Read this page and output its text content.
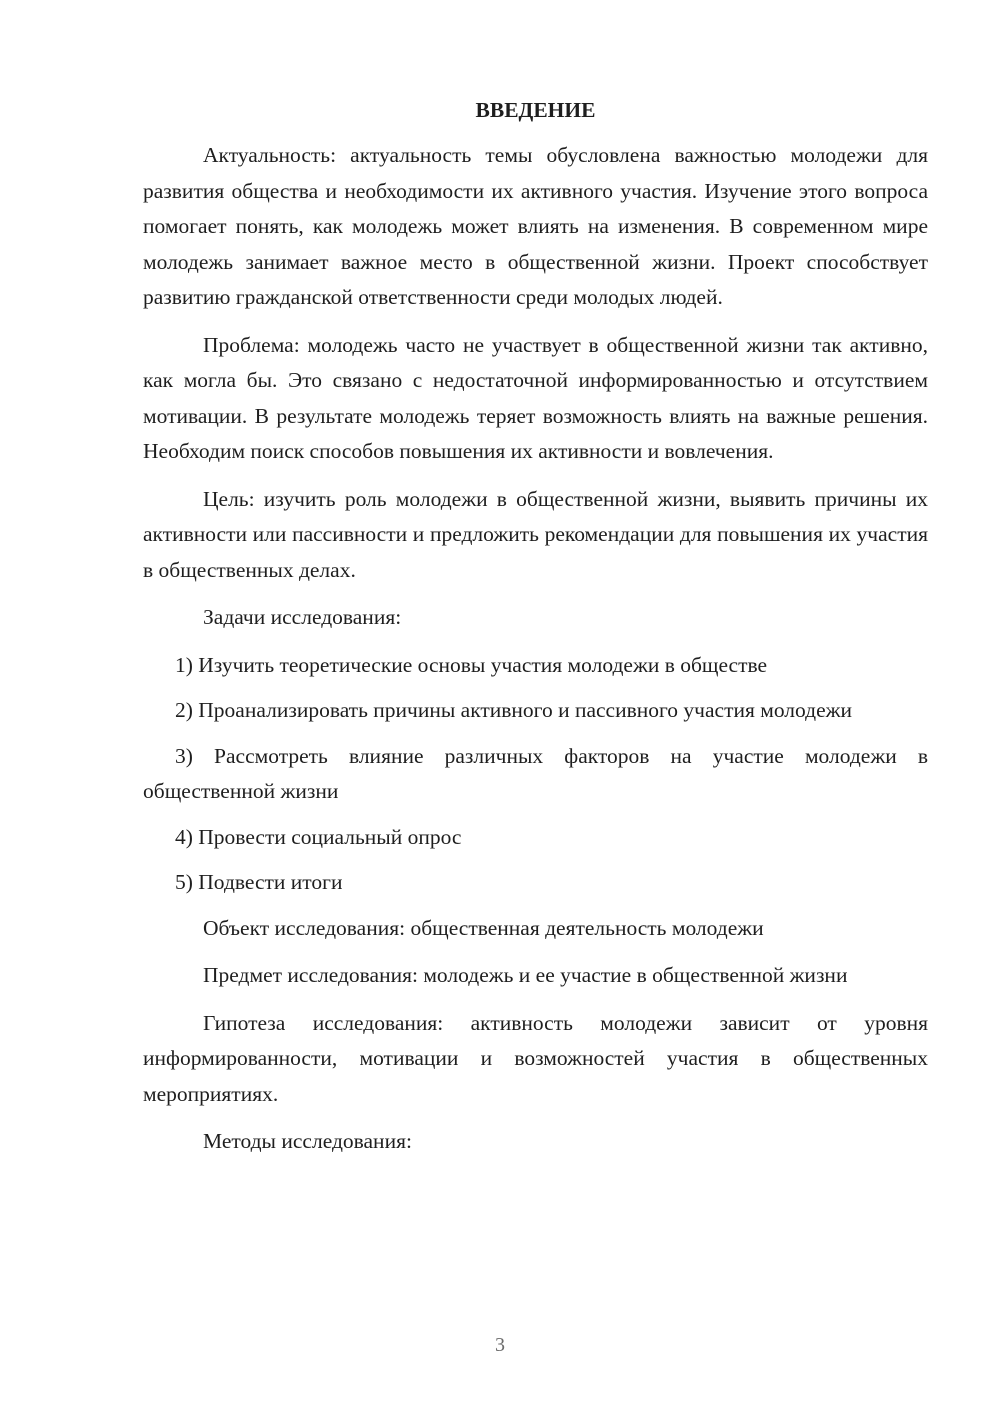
ВВЕДЕНИЕ

Актуальность: актуальность темы обусловлена важностью молодежи для развития общества и необходимости их активного участия. Изучение этого вопроса помогает понять, как молодежь может влиять на изменения. В современном мире молодежь занимает важное место в общественной жизни. Проект способствует развитию гражданской ответственности среди молодых людей.

Проблема: молодежь часто не участвует в общественной жизни так активно, как могла бы. Это связано с недостаточной информированностью и отсутствием мотивации. В результате молодежь теряет возможность влиять на важные решения. Необходим поиск способов повышения их активности и вовлечения.

Цель: изучить роль молодежи в общественной жизни, выявить причины их активности или пассивности и предложить рекомендации для повышения их участия в общественных делах.

Задачи исследования:

1) Изучить теоретические основы участия молодежи в обществе

2) Проанализировать причины активного и пассивного участия молодежи

3) Рассмотреть влияние различных факторов на участие молодежи в общественной жизни

4) Провести социальный опрос

5) Подвести итоги

Объект исследования: общественная деятельность молодежи

Предмет исследования: молодежь и ее участие в общественной жизни

Гипотеза исследования: активность молодежи зависит от уровня информированности, мотивации и возможностей участия в общественных мероприятиях.

Методы исследования:

3
